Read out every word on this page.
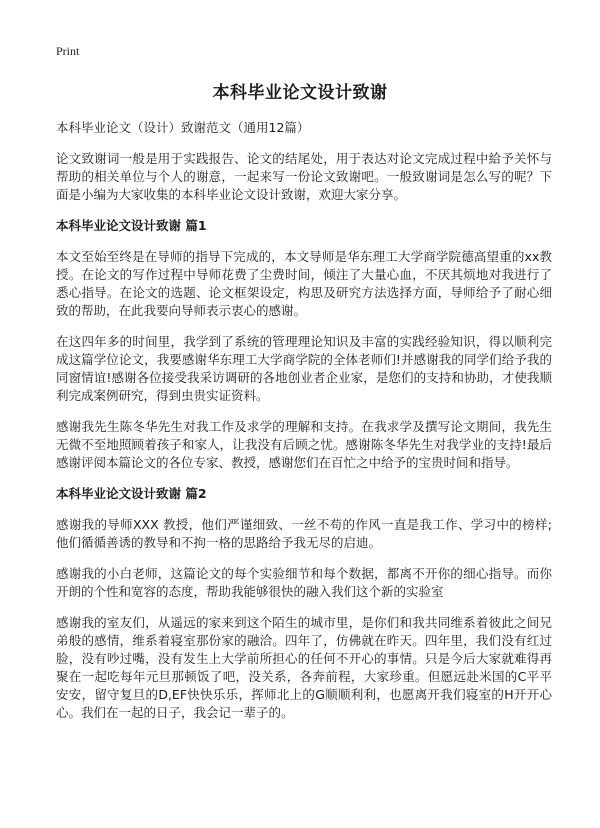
Print
本科毕业论文设计致谢
本科毕业论文（设计）致谢范文（通用12篇）

论文致谢词一般是用于实践报告、论文的结尾处，用于表达对论文完成过程中給予关怀与帮助的相关单位与个人的谢意，一起来写一份论文致谢吧。一般致谢词是怎么写的呢？下面是小编为大家收集的本科毕业论文设计致谢，欢迎大家分享。

本科毕业论文设计致谢 篇1

本文至始至终是在导师的指导下完成的，本文导师是华东理工大学商学院德高望重的xx教授。在论文的写作过程中导师花费了尘费时间，倾注了大量心血，不厌其烦地对我进行了悉心指导。在论文的选题、论文框架设定，构思及研究方法选择方面，导师给予了耐心细致的帮助，在此我要向导师表示衷心的感谢。

在这四年多的时间里，我学到了系统的管理理论知识及丰富的实践经验知识，得以顺利完成这篇学位论文，我要感谢华东理工大学商学院的全体老师们!并感谢我的同学们给予我的同窗情谊!感谢各位接受我采访调研的各地创业者企业家，是您们的支持和协助，才使我顺利完成案例研究，得到虫贵实证资料。

感谢我先生陈冬华先生对我工作及求学的理解和支持。在我求学及撰写论文期间，我先生无微不至地照顾着孩子和家人，让我没有后顾之忧。感谢陈冬华先生对我学业的支持!最后感谢评阅本篇论文的各位专家、教授，感谢您们在百忙之中给予的宝贵时间和指导。

本科毕业论文设计致谢 篇2

感谢我的导师XXX 教授，他们严谨细致、一丝不苟的作风一直是我工作、学习中的榜样;他们循循善诱的教导和不拘一格的思路给予我无尽的启迪。

感谢我的小白老师，这篇论文的每个实验细节和每个数据，都离不开你的细心指导。而你开朗的个性和宽容的态度，帮助我能够很快的融入我们这个新的实验室

感谢我的室友们，从遥远的家来到这个陌生的城市里，是你们和我共同维系着彼此之间兄弟般的感情，维系着寝室那份家的融洽。四年了，仿佛就在昨天。四年里，我们没有红过脸，没有吵过嘴，没有发生上大学前所担心的任何不开心的事情。只是今后大家就难得再聚在一起吃每年元旦那顿饭了吧，没关系，各奔前程，大家珍重。但愿远赴米国的C平平安安，留守复旦的D,EF快快乐乐，挥师北上的G顺顺利利，也愿离开我们寝室的H开开心心。我们在一起的日子，我会记一辈子的。
